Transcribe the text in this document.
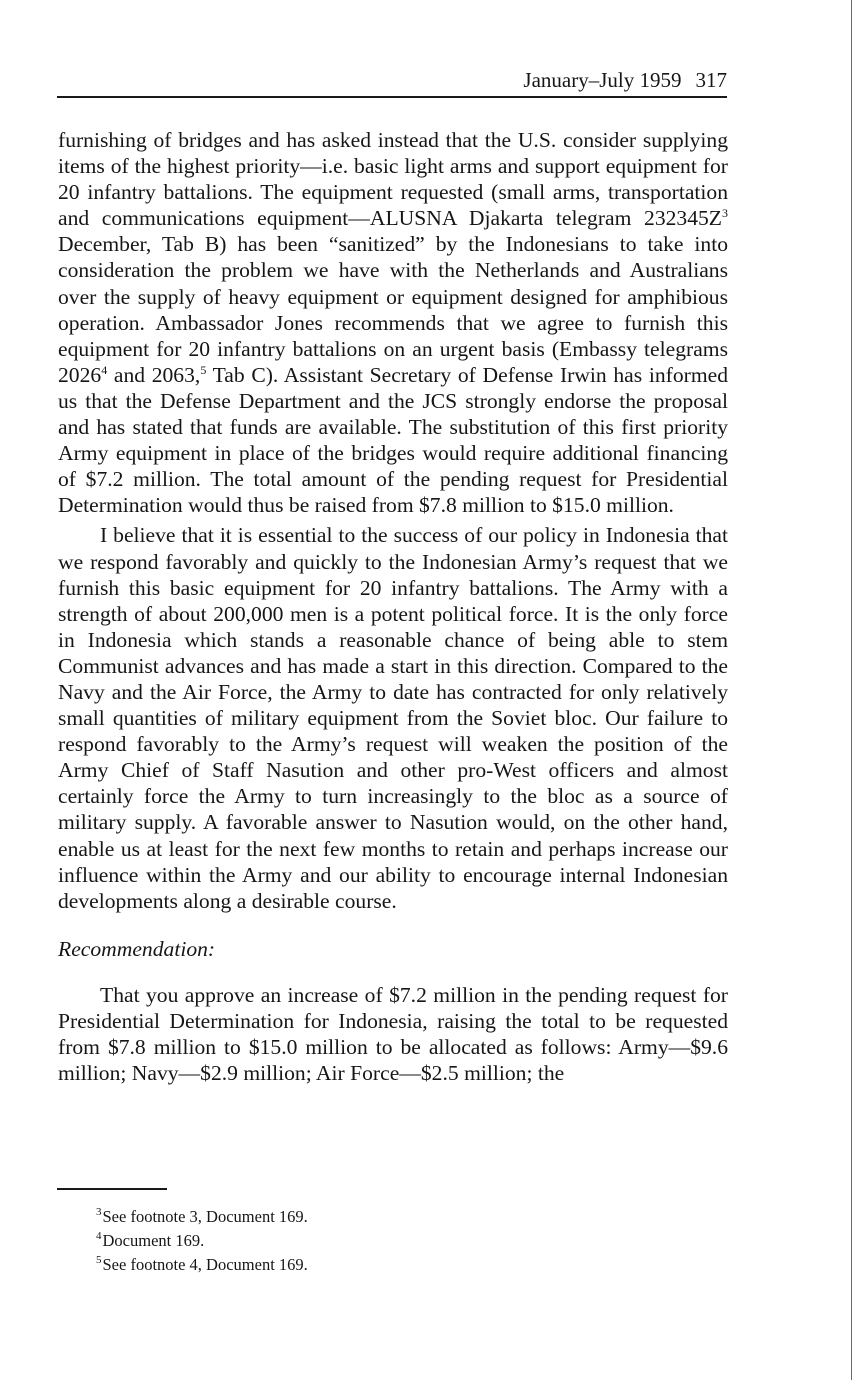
January–July 1959 317

furnishing of bridges and has asked instead that the U.S. consider supplying items of the highest priority—i.e. basic light arms and support equipment for 20 infantry battalions. The equipment requested (small arms, transportation and communications equipment—ALUSNA Djakarta telegram $232345Z^3$ December, Tab B) has been “sanitized” by the Indonesians to take into consideration the problem we have with the Netherlands and Australians over the supply of heavy equipment or equipment designed for amphibious operation. Ambassador Jones recommends that we agree to furnish this equipment for 20 infantry battalions on an urgent basis (Embassy telegrams 2026$^4$ and 2063,$^5$ Tab C). Assistant Secretary of Defense Irwin has informed us that the Defense Department and the JCS strongly endorse the proposal and has stated that funds are available. The substitution of this first priority Army equipment in place of the bridges would require additional financing of $7.2 million. The total amount of the pending request for Presidential Determination would thus be raised from $7.8 million to $15.0 million.

I believe that it is essential to the success of our policy in Indonesia that we respond favorably and quickly to the Indonesian Army’s request that we furnish this basic equipment for 20 infantry battalions. The Army with a strength of about 200,000 men is a potent political force. It is the only force in Indonesia which stands a reasonable chance of being able to stem Communist advances and has made a start in this direction. Compared to the Navy and the Air Force, the Army to date has contracted for only relatively small quantities of military equipment from the Soviet bloc. Our failure to respond favorably to the Army’s request will weaken the position of the Army Chief of Staff Nasution and other pro-West officers and almost certainly force the Army to turn increasingly to the bloc as a source of military supply. A favorable answer to Nasution would, on the other hand, enable us at least for the next few months to retain and perhaps increase our influence within the Army and our ability to encourage internal Indonesian developments along a desirable course.

Recommendation:

That you approve an increase of $7.2 million in the pending request for Presidential Determination for Indonesia, raising the total to be requested from $7.8 million to $15.0 million to be allocated as follows: Army—$9.6 million; Navy—$2.9 million; Air Force—$2.5 million; the

$^3$See footnote 3, Document 169.
$^4$Document 169.
$^5$See footnote 4, Document 169.
